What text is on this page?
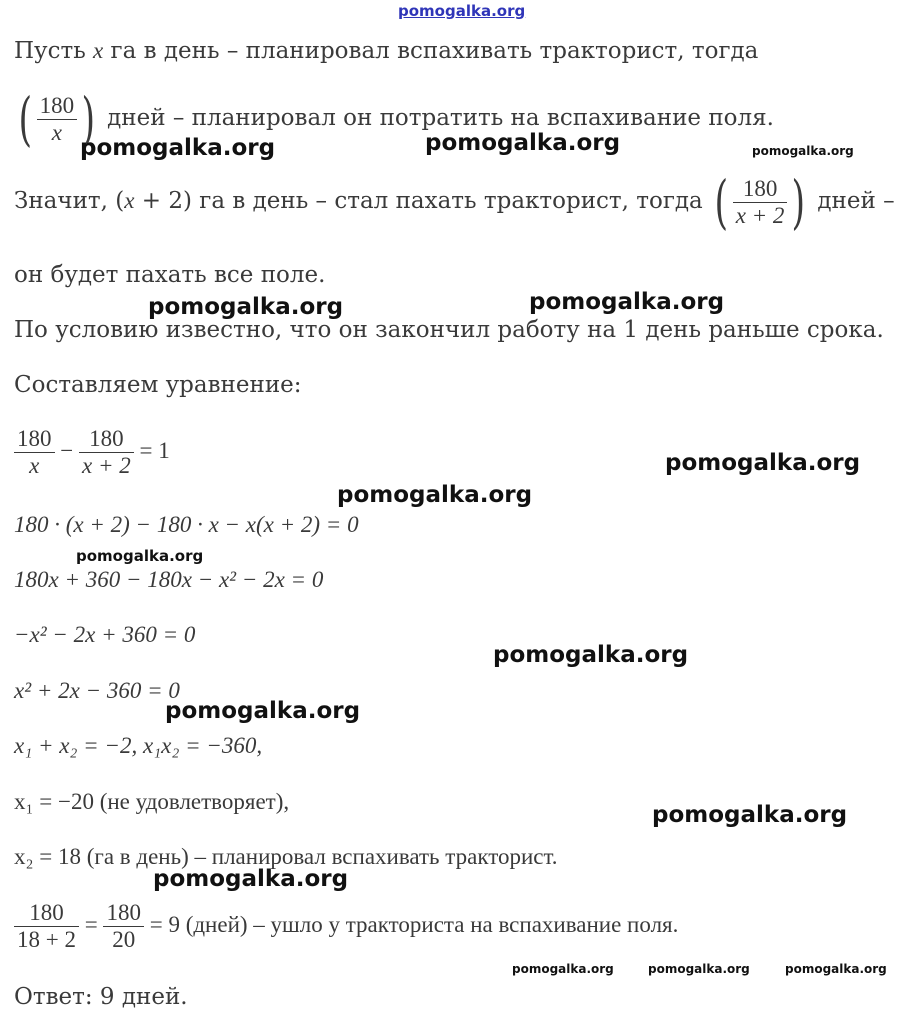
pomogalka.org
Пусть x га в день – планировал вспахивать тракторист, тогда
( $\frac{180}{x}$ ) дней – планировал он потратить на вспахивание поля.
Значит, (x + 2) га в день – стал пахать тракторист, тогда ( $\frac{180}{x + 2}$ ) дней –
он будет пахать все поле.
По условию известно, что он закончил работу на 1 день раньше срока.
Составляем уравнение:
$\frac{180}{x} - \frac{180}{x + 2} = 1$
180 · (x + 2) − 180 · x − x(x + 2) = 0
180x + 360 − 180x − x² − 2x = 0
−x² − 2x + 360 = 0
x² + 2x − 360 = 0
x₁ + x₂ = −2, x₁x₂ = −360,
x₁ = −20 (не удовлетворяет),
x₂ = 18 (га в день) – планировал вспахивать тракторист.
$\frac{180}{18 + 2} = \frac{180}{20} = 9$ (дней) – ушло у тракториста на вспахивание поля.
Ответ: 9 дней.
pomogalka.org	pomogalka.org	pomogalka.org
pomogalka.org	pomogalka.org
pomogalka.org
pomogalka.org
pomogalka.org
pomogalka.org
pomogalka.org
pomogalka.org
pomogalka.org
pomogalka.org	pomogalka.org	pomogalka.org
